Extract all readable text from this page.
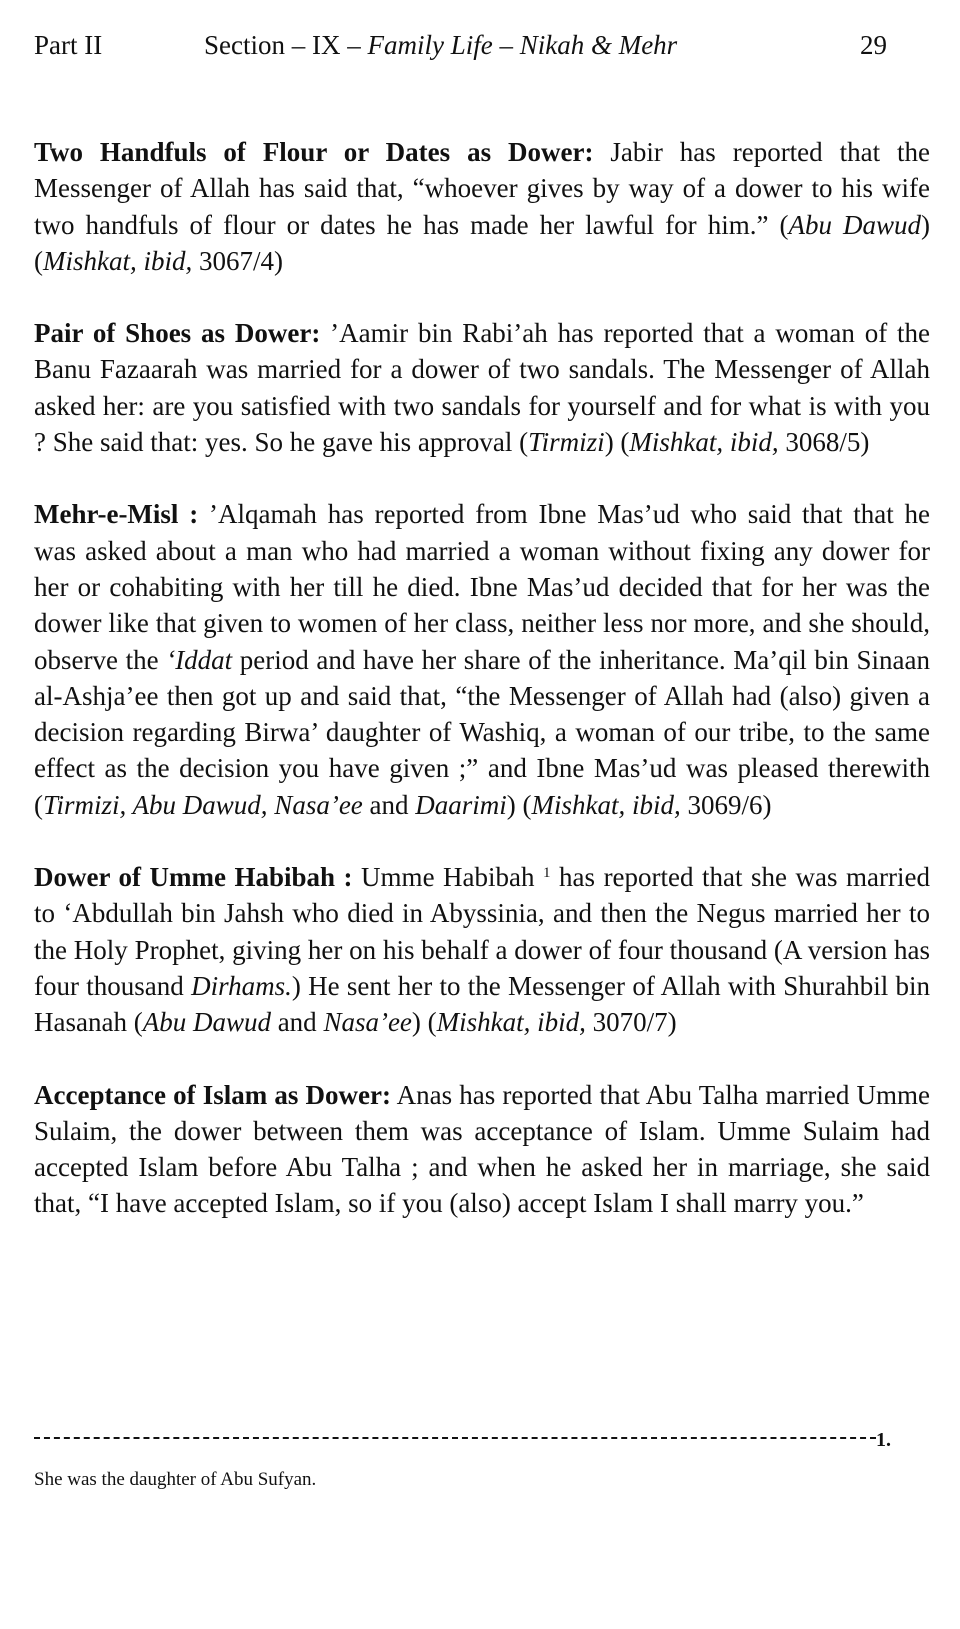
Part II	Section – IX – Family Life – Nikah & Mehr	29

Two Handfuls of Flour or Dates as Dower: Jabir has reported that the Messenger of Allah has said that, “whoever gives by way of a dower to his wife two handfuls of flour or dates he has made her lawful for him.” (Abu Dawud) (Mishkat, ibid, 3067/4)

Pair of Shoes as Dower: ’Aamir bin Rabi’ah has reported that a woman of the Banu Fazaarah was married for a dower of two sandals. The Messenger of Allah asked her: are you satisfied with two sandals for yourself and for what is with you ? She said that: yes. So he gave his approval (Tirmizi) (Mishkat, ibid, 3068/5)

Mehr-e-Misl : ’Alqamah has reported from Ibne Mas’ud who said that that he was asked about a man who had married a woman without fixing any dower for her or cohabiting with her till he died. Ibne Mas’ud decided that for her was the dower like that given to women of her class, neither less nor more, and she should, observe the ‘Iddat period and have her share of the inheritance. Ma’qil bin Sinaan al-Ashja’ee then got up and said that, “the Messenger of Allah had (also) given a decision regarding Birwa’ daughter of Washiq, a woman of our tribe, to the same effect as the decision you have given ;” and Ibne Mas’ud was pleased therewith (Tirmizi, Abu Dawud, Nasa’ee and Daarimi) (Mishkat, ibid, 3069/6)

Dower of Umme Habibah : Umme Habibah $^1$ has reported that she was married to ‘Abdullah bin Jahsh who died in Abyssinia, and then the Negus married her to the Holy Prophet, giving her on his behalf a dower of four thousand (A version has four thousand Dirhams.) He sent her to the Messenger of Allah with Shurahbil bin Hasanah (Abu Dawud and Nasa’ee) (Mishkat, ibid, 3070/7)

Acceptance of Islam as Dower: Anas has reported that Abu Talha married Umme Sulaim, the dower between them was acceptance of Islam. Umme Sulaim had accepted Islam before Abu Talha ; and when he asked her in marriage, she said that, “I have accepted Islam, so if you (also) accept Islam I shall marry you.”

1.
She was the daughter of Abu Sufyan.
